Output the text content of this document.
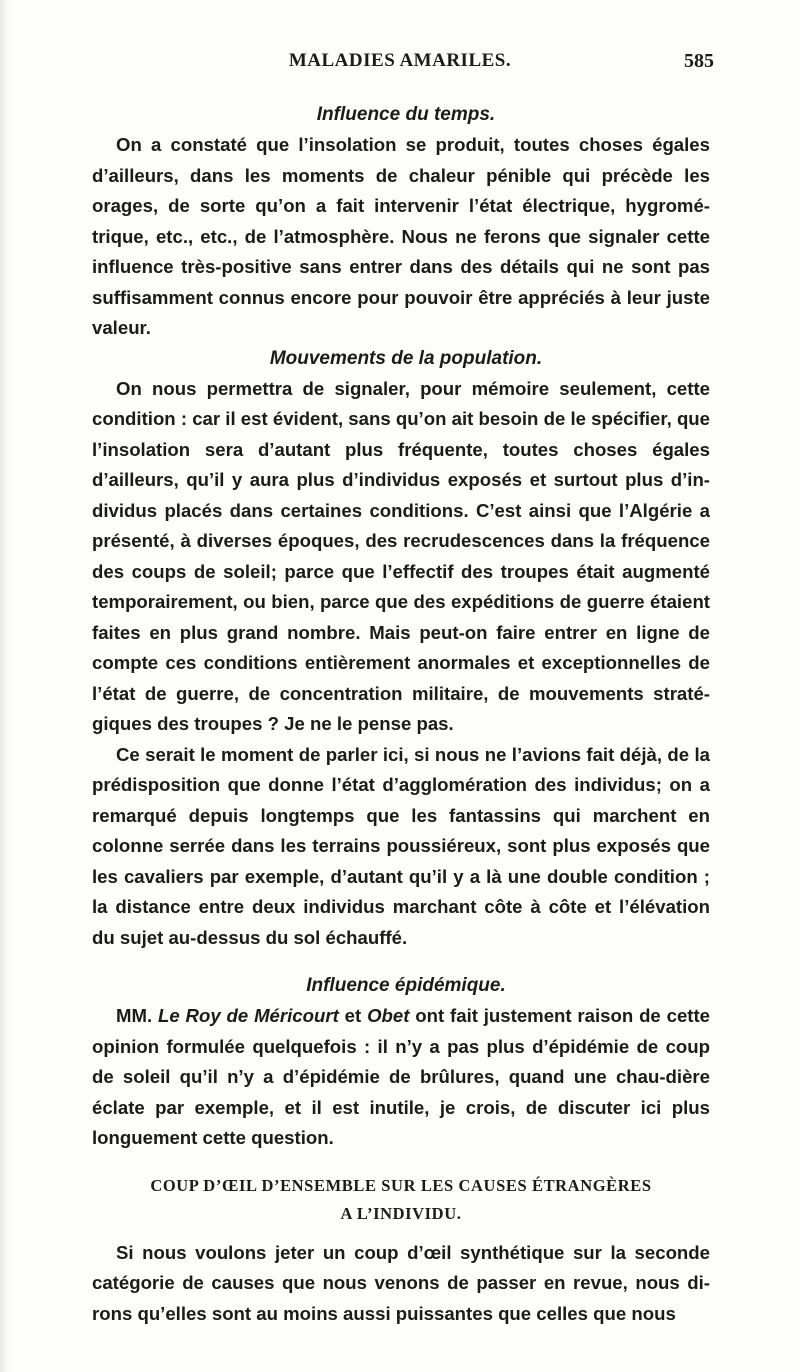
MALADIES AMARILES.	585
Influence du temps.

On a constaté que l’insolation se produit, toutes choses égales d’ailleurs, dans les moments de chaleur pénible qui précède les orages, de sorte qu’on a fait intervenir l’état électrique, hygromé-trique, etc., etc., de l’atmosphère. Nous ne ferons que signaler cette influence très-positive sans entrer dans des détails qui ne sont pas suffisamment connus encore pour pouvoir être appréciés à leur juste valeur.

Mouvements de la population.

On nous permettra de signaler, pour mémoire seulement, cette condition : car il est évident, sans qu’on ait besoin de le spécifier, que l’insolation sera d’autant plus fréquente, toutes choses égales d’ailleurs, qu’il y aura plus d’individus exposés et surtout plus d’in-dividus placés dans certaines conditions. C’est ainsi que l’Algérie a présenté, à diverses époques, des recrudescences dans la fréquence des coups de soleil; parce que l’effectif des troupes était augmenté temporairement, ou bien, parce que des expéditions de guerre étaient faites en plus grand nombre. Mais peut-on faire entrer en ligne de compte ces conditions entièrement anormales et exceptionnelles de l’état de guerre, de concentration militaire, de mouvements straté-giques des troupes ? Je ne le pense pas.

Ce serait le moment de parler ici, si nous ne l’avions fait déjà, de la prédisposition que donne l’état d’agglomération des individus; on a remarqué depuis longtemps que les fantassins qui marchent en colonne serrée dans les terrains poussiéreux, sont plus exposés que les cavaliers par exemple, d’autant qu’il y a là une double condition ; la distance entre deux individus marchant côte à côte et l’élévation du sujet au-dessus du sol échauffé.

Influence épidémique.

MM. Le Roy de Méricourt et Obet ont fait justement raison de cette opinion formulée quelquefois : il n’y a pas plus d’épidémie de coup de soleil qu’il n’y a d’épidémie de brûlures, quand une chau-dière éclate par exemple, et il est inutile, je crois, de discuter ici plus longuement cette question.

COUP D’ŒIL D’ENSEMBLE SUR LES CAUSES ÉTRANGÈRES

A L’INDIVIDU.

Si nous voulons jeter un coup d’œil synthétique sur la seconde catégorie de causes que nous venons de passer en revue, nous di-rons qu’elles sont au moins aussi puissantes que celles que nous
